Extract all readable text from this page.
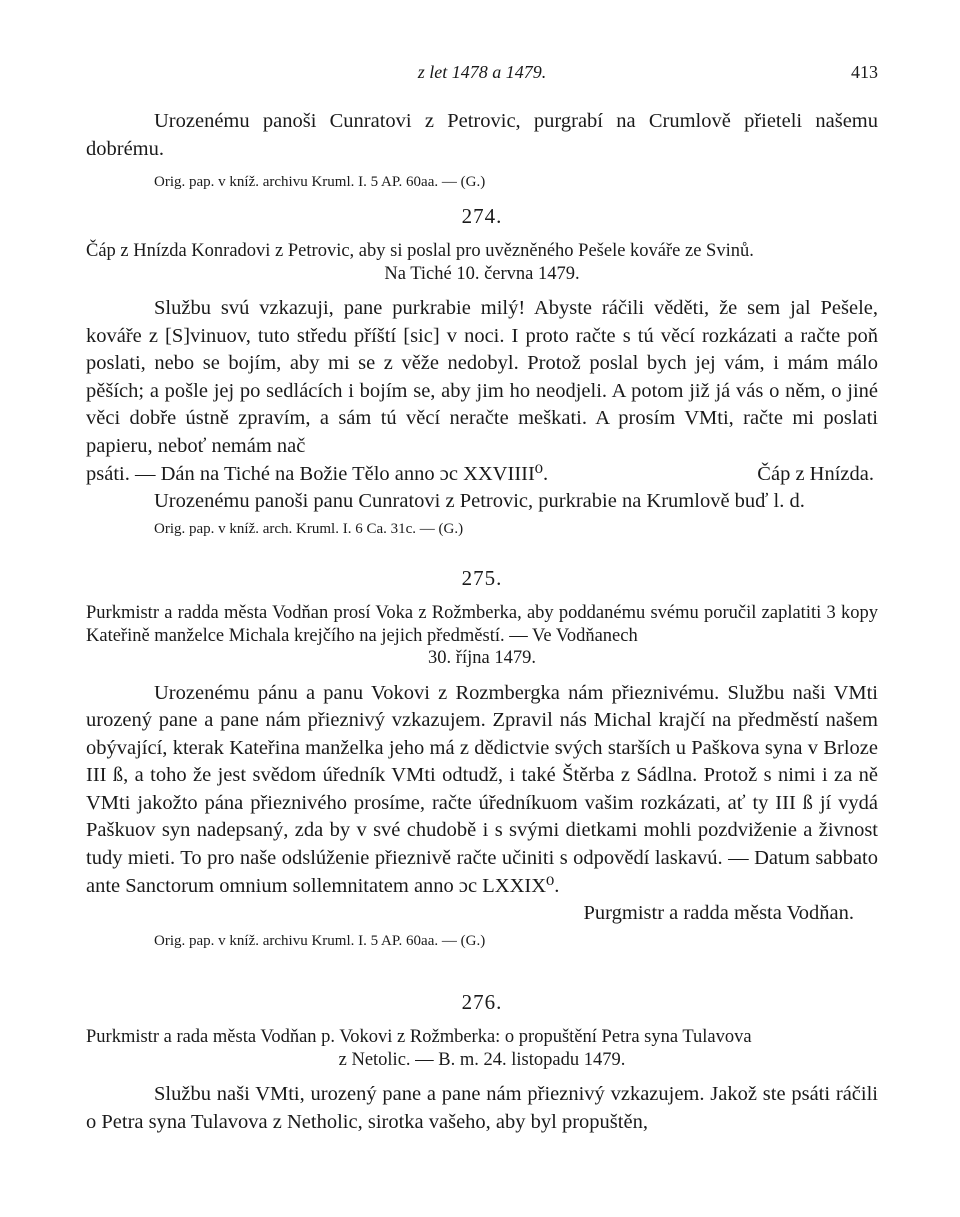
z let 1478 a 1479.	413

Urozenému panoši Cunratovi z Petrovic, purgrabí na Crumlově přieteli našemu dobrému.

Orig. pap. v kníž. archivu Kruml. I. 5 AP. 60aa. — (G.)

274.

Čáp z Hnízda Konradovi z Petrovic, aby si poslal pro uvězněného Pešele kováře ze Svinů.
Na Tiché 10. června 1479.

Službu svú vzkazuji, pane purkrabie milý! Abyste ráčili věděti, že sem jal Pešele, kováře z [S]vinuov, tuto středu příští [sic] v noci. I proto račte s tú věcí rozkázati a račte poň poslati, nebo se bojím, aby mi se z věže nedobyl. Protož poslal bych jej vám, i mám málo pěších; a pošle jej po sedlácích i bojím se, aby jim ho neodjeli. A potom již já vás o něm, o jiné věci dobře ústně zpravím, a sám tú věcí neračte meškati. A prosím VMti, račte mi poslati papieru, neboť nemám nač

psáti. — Dán na Tiché na Božie Tělo anno ɔc XXVIIII⁰.	Čáp z Hnízda.

Urozenému panoši panu Cunratovi z Petrovic, purkrabie na Krumlově buď l. d.

Orig. pap. v kníž. arch. Kruml. I. 6 Ca. 31c. — (G.)

275.

Purkmistr a radda města Vodňan prosí Voka z Rožmberka, aby poddanému svému poručil zaplatiti 3 kopy Kateřině manželce Michala krejčího na jejich předměstí. — Ve Vodňanech
30. října 1479.

Urozenému pánu a panu Vokovi z Rozmbergka nám přieznivému. Službu naši VMti urozený pane a pane nám přieznivý vzkazujem. Zpravil nás Michal krajčí na předměstí našem obývající, kterak Kateřina manželka jeho má z dědictvie svých starších u Paškova syna v Brloze III ß, a toho že jest svědom úředník VMti odtudž, i také Štěrba z Sádlna. Protož s nimi i za ně VMti jakožto pána přieznivého prosíme, račte úředníkuom vašim rozkázati, ať ty III ß jí vydá Paškuov syn nadepsaný, zda by v své chudobě i s svými dietkami mohli pozdviženie a živnost tudy mieti. To pro naše odslúženie přieznivě račte učiniti s odpovědí laskavú. — Datum sabbato ante Sanctorum omnium sollemnitatem anno ɔc LXXIX⁰.

Purgmistr a radda města Vodňan.

Orig. pap. v kníž. archivu Kruml. I. 5 AP. 60aa. — (G.)

276.

Purkmistr a rada města Vodňan p. Vokovi z Rožmberka: o propuštění Petra syna Tulavova
z Netolic. — B. m. 24. listopadu 1479.

Službu naši VMti, urozený pane a pane nám přieznivý vzkazujem. Jakož ste psáti ráčili o Petra syna Tulavova z Netholic, sirotka vašeho, aby byl propuštěn,
